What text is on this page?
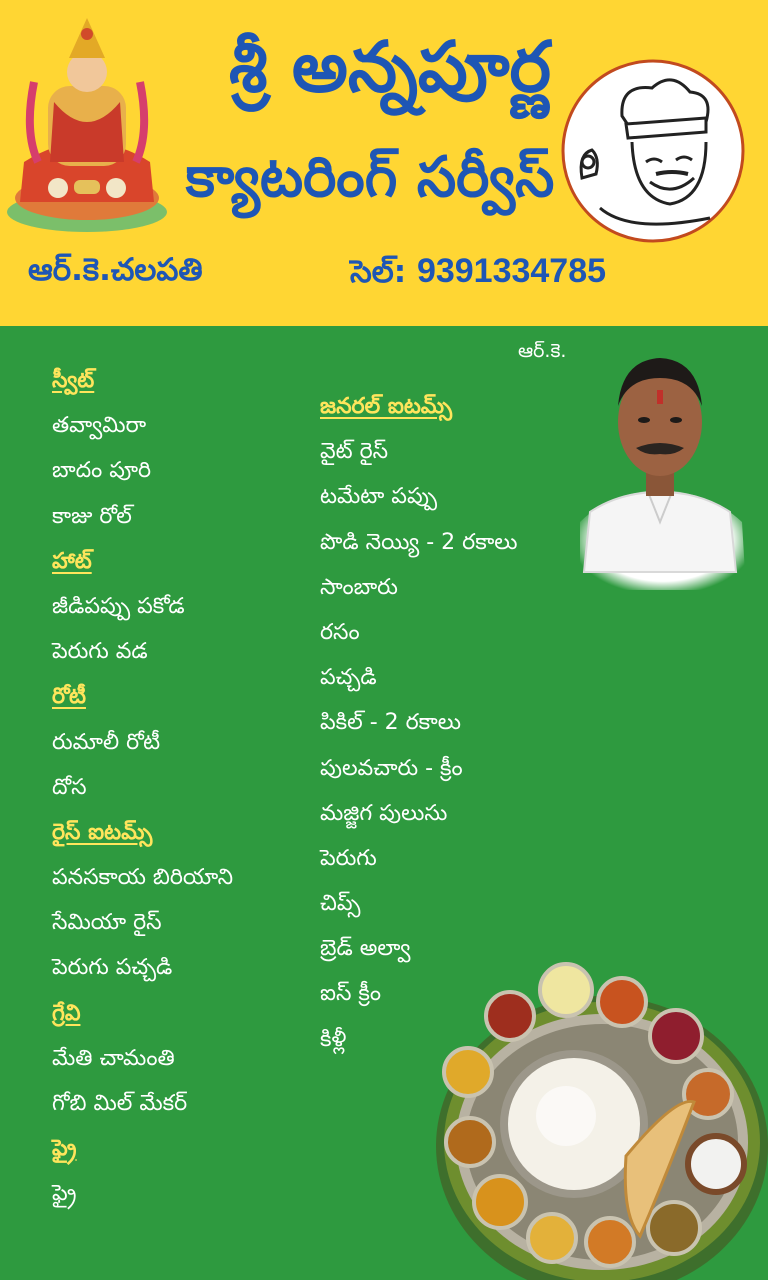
శ్రీ అన్నపూర్ణ
క్యాటరింగ్ సర్వీస్
ఆర్.కె.చలపతి	సెల్: 9391334785
ఆర్.కె.
స్వీట్
తవ్వామిరా
బాదం పూరి
కాజు రోల్
హాట్
జీడిపప్పు పకోడ
పెరుగు వడ
రోటీ
రుమాలీ రోటీ
దోస
రైస్ ఐటమ్స్
పనసకాయ బిరియాని
సేమియా రైస్
పెరుగు పచ్చడి
గ్రేవి
మేతి చామంతి
గోబి మిల్ మేకర్
ఫ్రై
ఫ్రై
జనరల్ ఐటమ్స్
వైట్ రైస్
టమేటా పప్పు
పొడి నెయ్యి - 2 రకాలు
సాంబారు
రసం
పచ్చడి
పికిల్ - 2 రకాలు
పులవచారు - క్రీం
మజ్జిగ పులుసు
పెరుగు
చిప్స్
బ్రెడ్ అల్వా
ఐస్ క్రీం
కిళ్లీ
